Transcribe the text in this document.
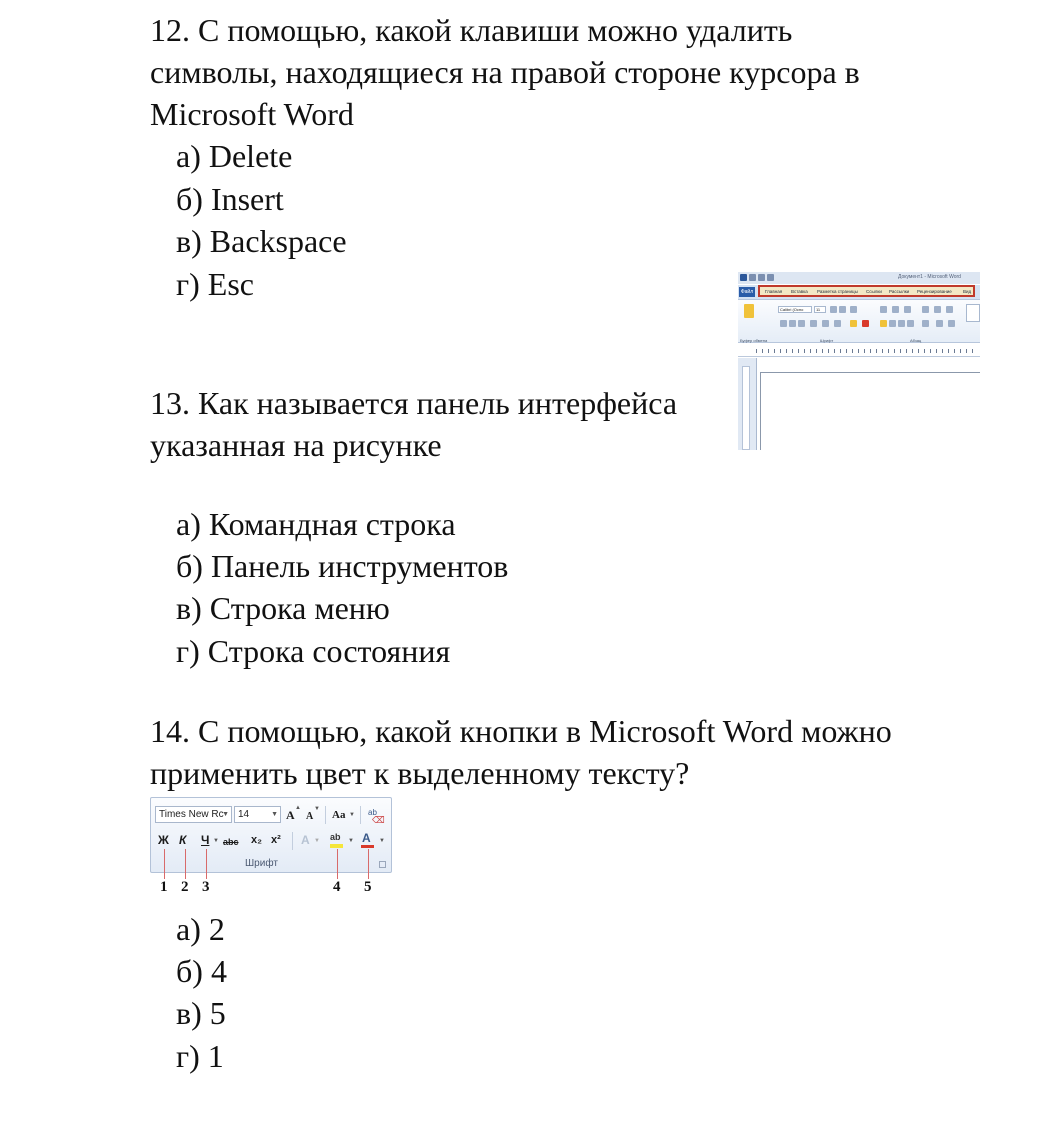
12. С помощью, какой клавиши можно удалить
символы, находящиеся на правой стороне курсора в
Microsoft Word
а) Delete
б) Insert
в) Backspace
г) Esc	Документ1 - Microsoft Word
Файл	Главная Вставка Разметка страницы Ссылки Рассылки Рецензирование	Вид
Calibri (Осно	11
Буфер обмена	Шрифт	Абзац
13. Как называется панель интерфейса
указанная на рисунке
а) Командная строка
б) Панель инструментов
в) Строка меню
г) Строка состояния
14. С помощью, какой кнопки в Microsoft Word можно
применить цвет к выделенному тексту?
Times New Rc
▼ 14	▼ A ▲
A
▼ Aa ▼ ab
⌫
Ж К Ч ▼ abc x₂ x² A ▼ ab ▼ A ▼
Шрифт
1 2 3	4 5
а) 2
б) 4
в) 5
г) 1
